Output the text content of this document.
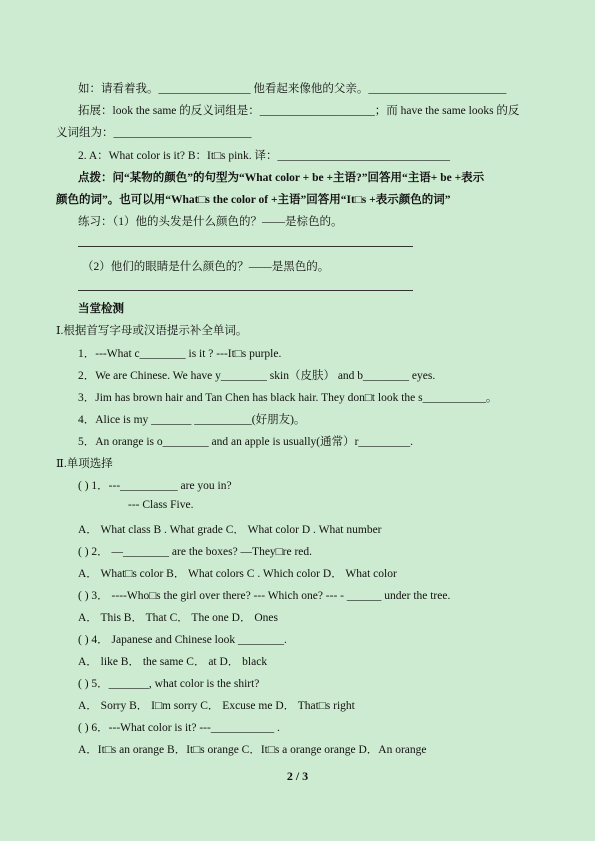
如：请看着我。________________ 他看起来像他的父亲。________________________
拓展：look the same 的反义词组是：____________________；而 have the same looks 的反
义词组为：________________________
2. A：What color is it? B：It□s pink. 译：______________________________
点拨：问“某物的颜色”的句型为“What color + be +主语?”回答用“主语+ be +表示
颜色的词”。也可以用“What□s the color of +主语”回答用“It□s +表示颜色的词”
练习：（1）他的头发是什么颜色的？——是棕色的。
（2）他们的眼睛是什么颜色的？——是黑色的。
当堂检测
Ⅰ.根据首写字母或汉语提示补全单词。
1．---What c________ is it ? ---It□s purple.
2．We are Chinese. We have y________ skin（皮肤） and b________ eyes.
3．Jim has brown hair and Tan Chen has black hair. They don□t look the s___________。
4．Alice is my _______ __________(好朋友)。
5．An orange is o________ and an apple is usually(通常）r_________.
Ⅱ.单项选择
( ) 1．---__________ are you in?
--- Class Five.
A． What class B . What grade C． What color D . What number
( ) 2． —________ are the boxes? —They□re red.
A． What□s color B． What colors C . Which color D． What color
( ) 3． ----Who□s the girl over there? --- Which one? --- - ______ under the tree.
A． This B． That C． The one D． Ones
( ) 4． Japanese and Chinese look ________.
A． like B． the same C． at D． black
( ) 5．_______, what color is the shirt?
A． Sorry B． I□m sorry C． Excuse me D． That□s right
( ) 6．---What color is it? ---___________ .
A．It□s an orange B．It□s orange C．It□s a orange orange D．An orange
2 / 3
